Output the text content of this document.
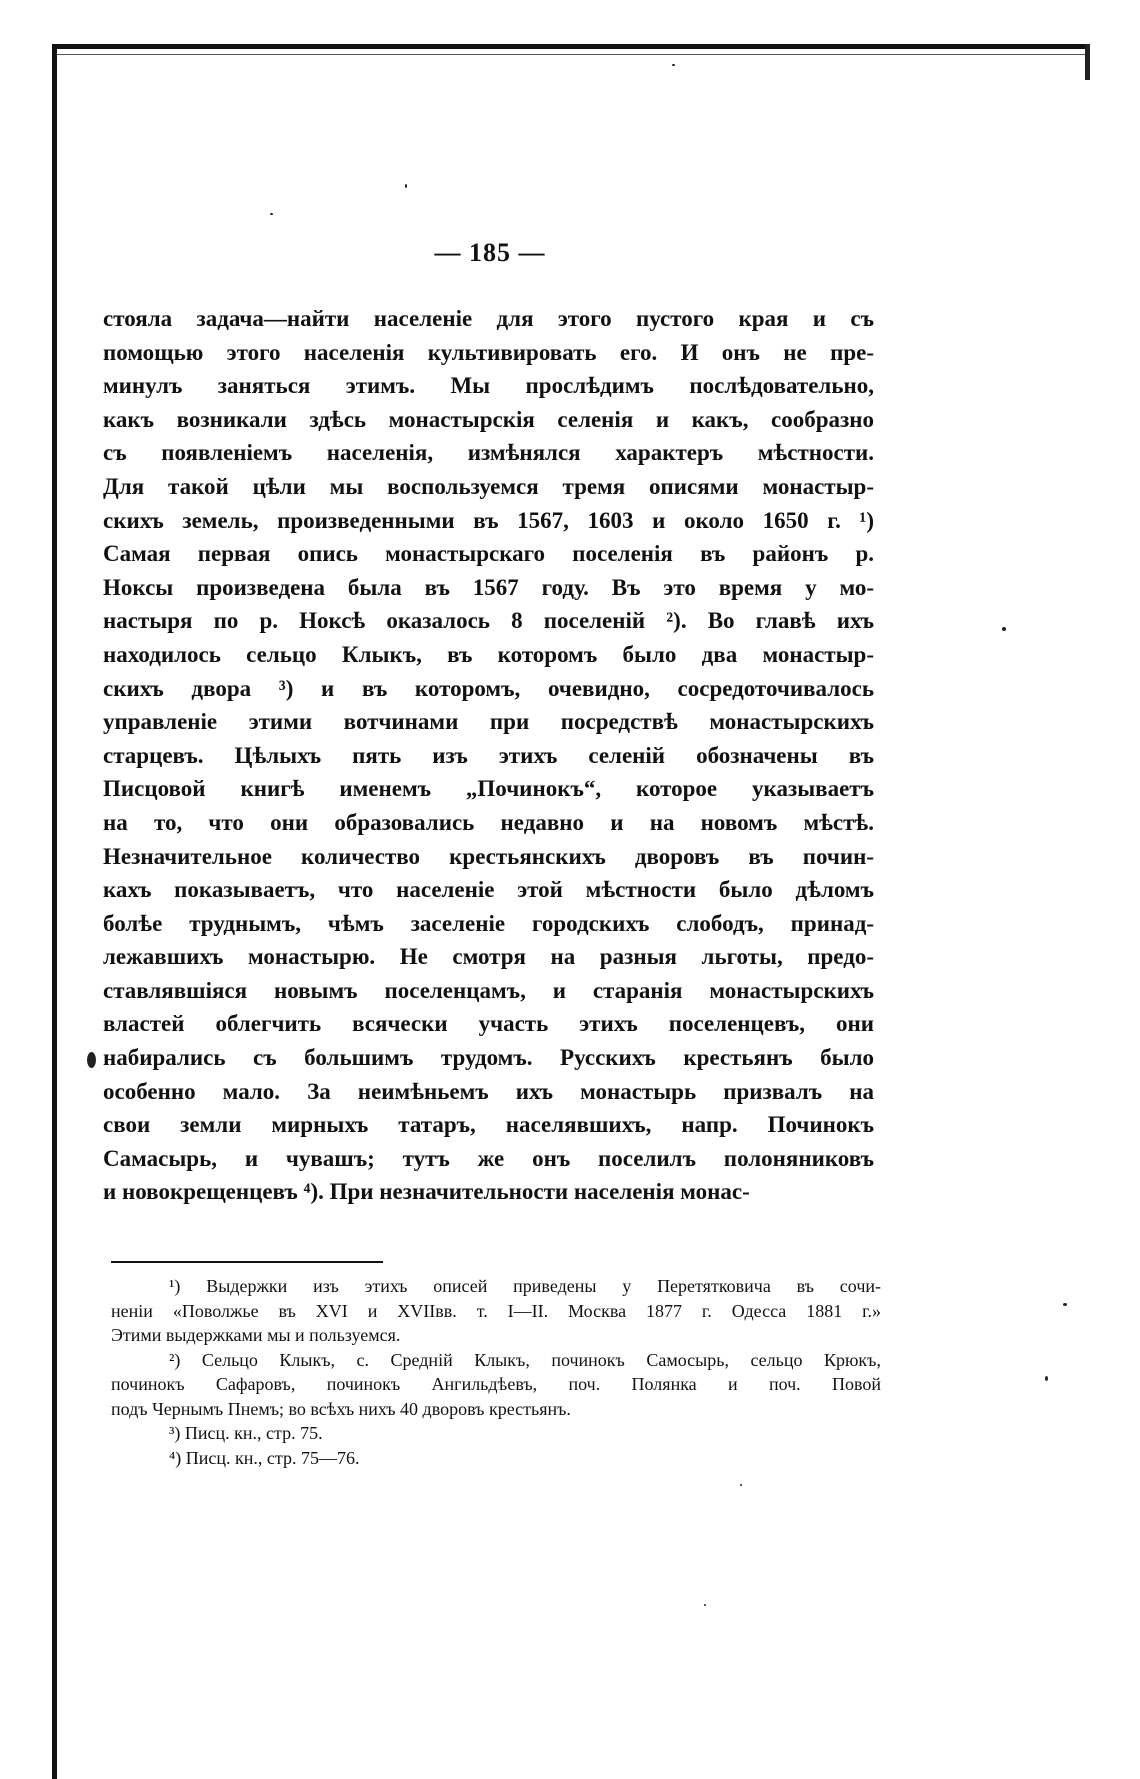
— 185 —
стояла задача—найти населеніе для этого пустого края и съ
помощью этого населенія культивировать его. И онъ не пре-
минулъ заняться этимъ. Мы прослѣдимъ послѣдовательно,
какъ возникали здѣсь монастырскія селенія и какъ, сообразно
съ появленіемъ населенія, измѣнялся характеръ мѣстности.
Для такой цѣли мы воспользуемся тремя описями монастыр-
скихъ земель, произведенными въ 1567, 1603 и около 1650 г. ¹)
Самая первая опись монастырскаго поселенія въ районъ р.
Ноксы произведена была въ 1567 году. Въ это время у мо-
настыря по р. Ноксѣ оказалось 8 поселеній ²). Во главѣ ихъ
находилось сельцо Клыкъ, въ которомъ было два монастыр-
скихъ двора ³) и въ которомъ, очевидно, сосредоточивалось
управленіе этими вотчинами при посредствѣ монастырскихъ
старцевъ. Цѣлыхъ пять изъ этихъ селеній обозначены въ
Писцовой книгѣ именемъ „Починокъ“, которое указываетъ
на то, что они образовались недавно и на новомъ мѣстѣ.
Незначительное количество крестьянскихъ дворовъ въ почин-
кахъ показываетъ, что населеніе этой мѣстности было дѣломъ
болѣе труднымъ, чѣмъ заселеніе городскихъ слободъ, принад-
лежавшихъ монастырю. Не смотря на разныя льготы, предо-
ставлявшіяся новымъ поселенцамъ, и старанія монастырскихъ
властей облегчить всячески участь этихъ поселенцевъ, они
набирались съ большимъ трудомъ. Русскихъ крестьянъ было
особенно мало. За неимѣньемъ ихъ монастырь призвалъ на
свои земли мирныхъ татаръ, населявшихъ, напр. Починокъ
Самасырь, и чувашъ; тутъ же онъ поселилъ полоняниковъ
и новокрещенцевъ ⁴). При незначительности населенія монас-
¹) Выдержки изъ этихъ описей приведены у Перетятковича въ сочи-
неніи «Поволжье въ XVI и XVIIвв. т. I—II. Москва 1877 г. Одесса 1881 г.»
Этими выдержками мы и пользуемся.
²) Сельцо Клыкъ, с. Средній Клыкъ, починокъ Самосырь, сельцо Крюкъ,
починокъ Сафаровъ, починокъ Ангильдѣевъ, поч. Полянка и поч. Повой
подъ Чернымъ Пнемъ; во всѣхъ нихъ 40 дворовъ крестьянъ.
³) Писц. кн., стр. 75.
⁴) Писц. кн., стр. 75—76.
